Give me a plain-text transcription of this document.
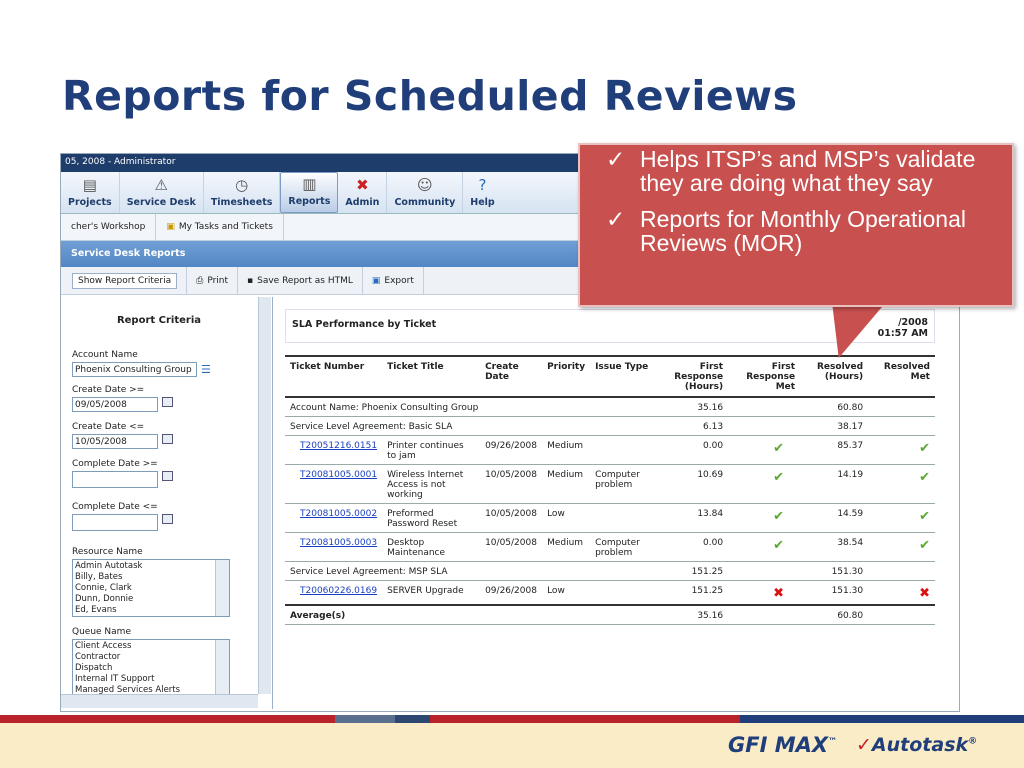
Reports for Scheduled Reviews
05, 2008 - Administrator
▤
Projects
⚠
Service Desk
◷
Timesheets
▥
Reports
✖
Admin
☺
Community
?
Help
cher's Workshop	▣ My Tasks and Tickets
Service Desk Reports
Show Report Criteria	⎙ Print ▪ Save Report as HTML ▣ Export
Report Criteria
Account Name
Phoenix Consulting Group ☰
Create Date >=
09/05/2008
Create Date <=
10/05/2008
Complete Date >=
Complete Date <=
Resource Name
Admin Autotask
Billy, Bates
Connie, Clark
Dunn, Donnie
Ed, Evans
Queue Name
Client Access
Contractor
Dispatch
Internal IT Support
Managed Services Alerts
SLA Performance by Ticket	/2008
01:57 AM
Ticket Number	Ticket Title	Create Date	Priority	Issue Type	First Response (Hours)	First Response Met	Resolved (Hours)	Resolved Met
Account Name: Phoenix Consulting Group					35.16		60.80	
Service Level Agreement: Basic SLA					6.13		38.17	
T20051216.0151	Printer continues to jam	09/26/2008	Medium		0.00	✔	85.37	✔
T20081005.0001	Wireless Internet Access is not working	10/05/2008	Medium	Computer problem	10.69	✔	14.19	✔
T20081005.0002	Preformed Password Reset	10/05/2008	Low		13.84	✔	14.59	✔
T20081005.0003	Desktop Maintenance	10/05/2008	Medium	Computer problem	0.00	✔	38.54	✔
Service Level Agreement: MSP SLA					151.25		151.30	
T20060226.0169	SERVER Upgrade	09/26/2008	Low		151.25	✖	151.30	✖
Average(s)					35.16		60.80	
✓ Helps ITSP’s and MSP’s validate they are doing what they say
✓ Reports for Monthly Operational Reviews (MOR)
GFI MAX™ ✓Autotask®
